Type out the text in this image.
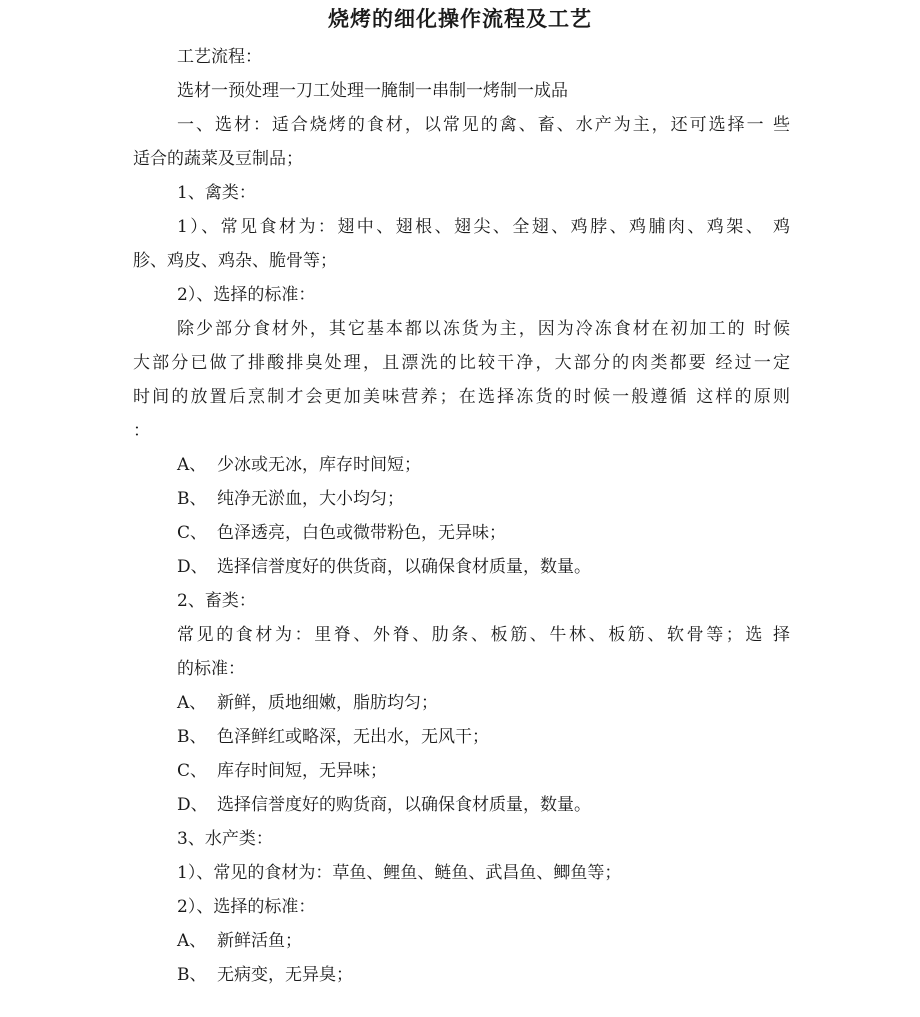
烧烤的细化操作流程及工艺

工艺流程：

选材一预处理一刀工处理一腌制一串制一烤制一成品

一、选材：适合烧烤的食材，以常见的禽、畜、水产为主，还可选择一 些

适合的蔬菜及豆制品；

1、禽类：

1）、常见食材为：翅中、翅根、翅尖、全翅、鸡脖、鸡脯肉、鸡架、 鸡

胗、鸡皮、鸡杂、脆骨等；

2）、选择的标准：

除少部分食材外，其它基本都以冻货为主，因为冷冻食材在初加工的 时候

大部分已做了排酸排臭处理，且漂洗的比较干净，大部分的肉类都要 经过一定

时间的放置后烹制才会更加美味营养；在选择冻货的时候一般遵循 这样的原则

：

A、 少冰或无冰，库存时间短；

B、 纯净无淤血，大小均匀；

C、 色泽透亮，白色或微带粉色，无异味；

D、 选择信誉度好的供货商，以确保食材质量，数量。

2、畜类：

常见的食材为：里脊、外脊、肋条、板筋、牛林、板筋、软骨等；选 择

的标准：

A、 新鲜，质地细嫩，脂肪均匀；

B、 色泽鲜红或略深，无出水，无风干；

C、 库存时间短，无异味；

D、 选择信誉度好的购货商，以确保食材质量，数量。

3、水产类：

1）、常见的食材为：草鱼、鲤鱼、鲢鱼、武昌鱼、鲫鱼等；

2）、选择的标准：

A、 新鲜活鱼；

B、 无病变，无异臭；
